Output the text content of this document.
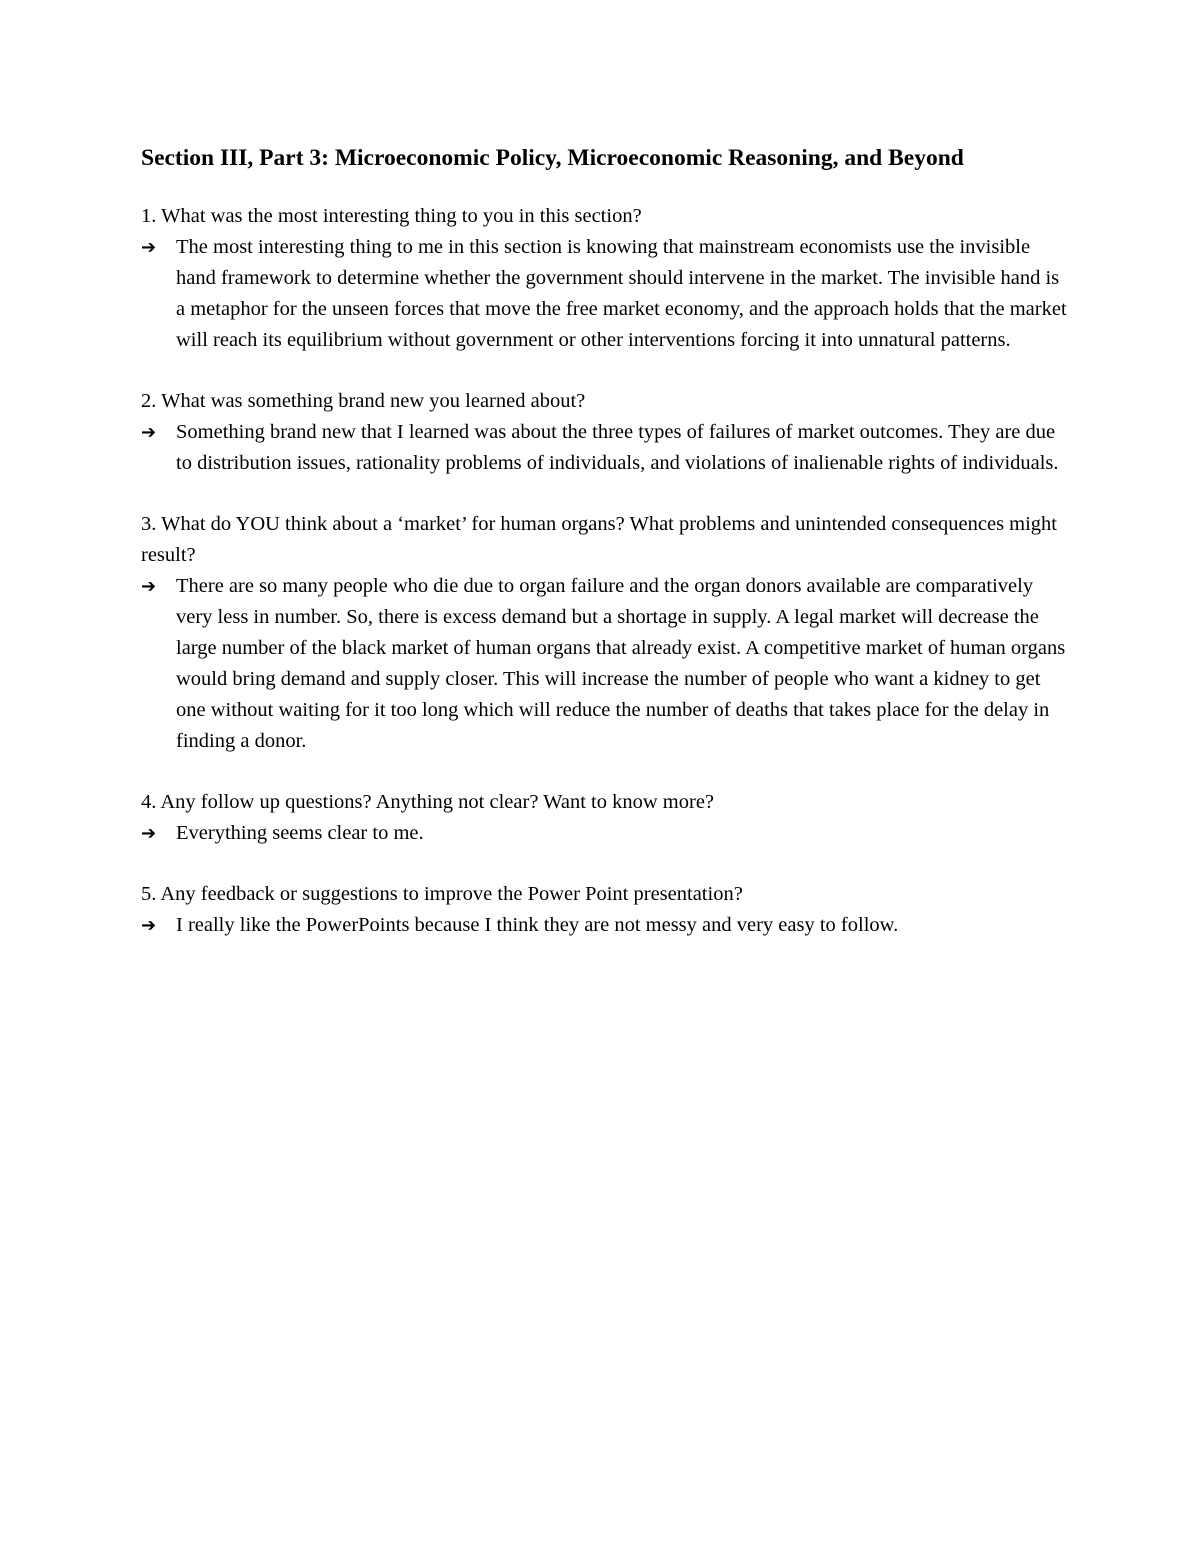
Section III, Part 3: Microeconomic Policy, Microeconomic Reasoning, and Beyond

1. What was the most interesting thing to you in this section?

➔ The most interesting thing to me in this section is knowing that mainstream economists use the invisible hand framework to determine whether the government should intervene in the market. The invisible hand is a metaphor for the unseen forces that move the free market economy, and the approach holds that the market will reach its equilibrium without government or other interventions forcing it into unnatural patterns.

2. What was something brand new you learned about?

➔ Something brand new that I learned was about the three types of failures of market outcomes. They are due to distribution issues, rationality problems of individuals, and violations of inalienable rights of individuals.

3. What do YOU think about a ‘market’ for human organs? What problems and unintended consequences might result?

➔ There are so many people who die due to organ failure and the organ donors available are comparatively very less in number. So, there is excess demand but a shortage in supply. A legal market will decrease the large number of the black market of human organs that already exist. A competitive market of human organs would bring demand and supply closer. This will increase the number of people who want a kidney to get one without waiting for it too long which will reduce the number of deaths that takes place for the delay in finding a donor.

4. Any follow up questions? Anything not clear? Want to know more?

➔ Everything seems clear to me.

5. Any feedback or suggestions to improve the Power Point presentation?

➔ I really like the PowerPoints because I think they are not messy and very easy to follow.
